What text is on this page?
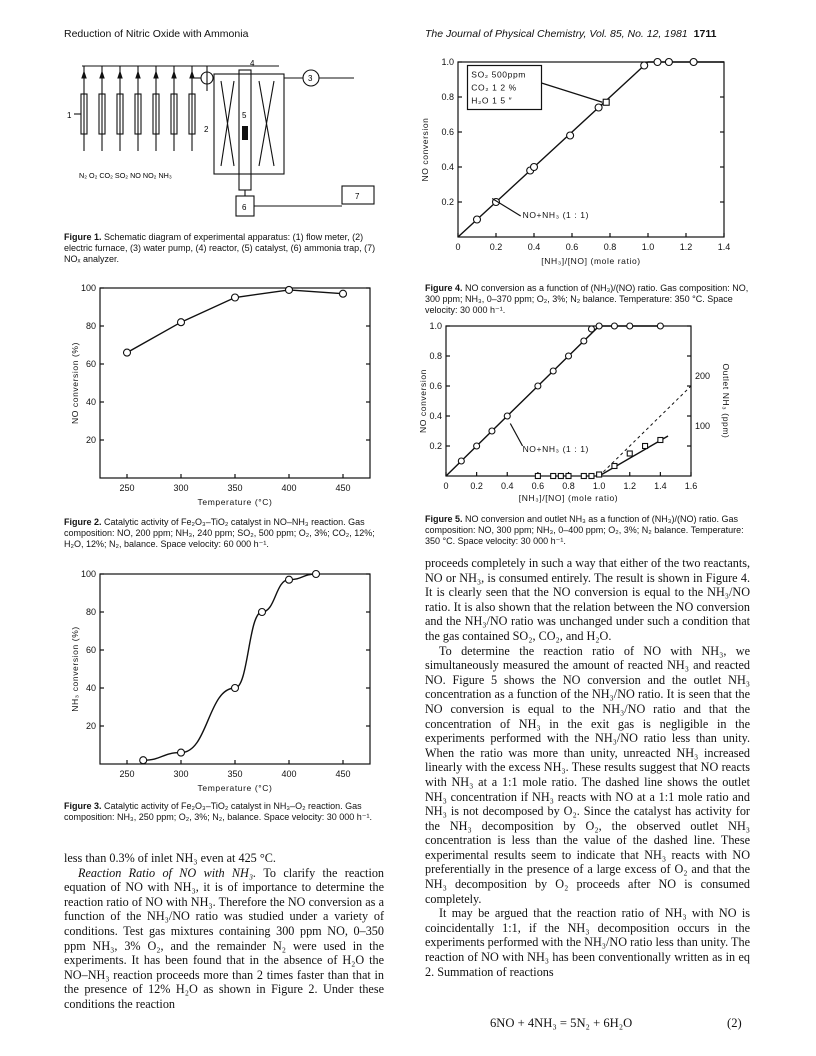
Reduction of Nitric Oxide with Ammonia	The Journal of Physical Chemistry, Vol. 85, No. 12, 1981 1711
1
2
3
4
5
6
7
N₂ O₂ CO₂ SO₂ NO NO₂ NH₃
Figure 1. Schematic diagram of experimental apparatus: (1) flow meter, (2) electric furnace, (3) water pump, (4) reactor, (5) catalyst, (6) ammonia trap, (7) NOₓ analyzer.
250	300	350	400	450
20
40
60
80
100
Temperature (°C)
NO conversion (%)
Figure 2. Catalytic activity of Fe₂O₃–TiO₂ catalyst in NO–NH₃ reaction. Gas composition: NO, 200 ppm; NH₃, 240 ppm; SO₂, 500 ppm; O₂, 3%; CO₂, 12%; H₂O, 12%; N₂, balance. Space velocity: 60 000 h⁻¹.
250	300	350	400	450
20
40
60
80
100
Temperature (°C)
NH₃ conversion (%)
Figure 3. Catalytic activity of Fe₂O₃–TiO₂ catalyst in NH₃–O₂ reaction. Gas composition: NH₃, 250 ppm; O₂, 3%; N₂, balance. Space velocity: 30 000 h⁻¹.
0	0.2	0.4	0.6	0.8	1.0	1.2	1.4
0.2
0.4
0.6
0.8
1.0
[NH₃]/[NO] (mole ratio)
NO conversion
SO₂ 500ppm
CO₂ 1 2 %
H₂O 1 5 ″
NO+NH₃ (1 : 1)
Figure 4. NO conversion as a function of (NH₃)/(NO) ratio. Gas composition: NO, 300 ppm; NH₃, 0–370 ppm; O₂, 3%; N₂ balance. Temperature: 350 °C. Space velocity: 30 000 h⁻¹.
0 0.2 0.4 0.6 0.8 1.0 1.2 1.4 1.6
0.2
0.4
0.6
0.8
1.0
[NH₃]/[NO] (mole ratio)
NO conversion	100
200 Outlet NH₃ (ppm)
NO+NH₃ (1 : 1)
Figure 5. NO conversion and outlet NH₃ as a function of (NH₃)/(NO) ratio. Gas composition: NO, 300 ppm; NH₃, 0–400 ppm; O₂, 3%; N₂ balance. Temperature: 350 °C. Space velocity: 30 000 h⁻¹.

less than 0.3% of inlet NH₃ even at 425 °C.

Reaction Ratio of NO with NH₃. To clarify the reaction equation of NO with NH₃, it is of importance to determine the reaction ratio of NO with NH₃. Therefore the NO conversion as a function of the NH₃/NO ratio was studied under a variety of conditions. Test gas mixtures containing 300 ppm NO, 0–350 ppm NH₃, 3% O₂, and the remainder N₂ were used in the experiments. It has been found that in the absence of H₂O the NO–NH₃ reaction proceeds more than 2 times faster than that in the presence of 12% H₂O as shown in Figure 2. Under these conditions the reaction

proceeds completely in such a way that either of the two reactants, NO or NH₃, is consumed entirely. The result is shown in Figure 4. It is clearly seen that the NO conversion is equal to the NH₃/NO ratio. It is also shown that the relation between the NO conversion and the NH₃/NO ratio was unchanged under such a condition that the gas contained SO₂, CO₂, and H₂O.

To determine the reaction ratio of NO with NH₃, we simultaneously measured the amount of reacted NH₃ and reacted NO. Figure 5 shows the NO conversion and the outlet NH₃ concentration as a function of the NH₃/NO ratio. It is seen that the NO conversion is equal to the NH₃/NO ratio and that the concentration of NH₃ in the exit gas is negligible in the experiments performed with the NH₃/NO ratio less than unity. When the ratio was more than unity, unreacted NH₃ increased linearly with the excess NH₃. These results suggest that NO reacts with NH₃ at a 1:1 mole ratio. The dashed line shows the outlet NH₃ concentration if NH₃ reacts with NO at a 1:1 mole ratio and NH₃ is not decomposed by O₂. Since the catalyst has activity for the NH₃ decomposition by O₂, the observed outlet NH₃ concentration is less than the value of the dashed line. These experimental results seem to indicate that NH₃ reacts with NO preferentially in the presence of a large excess of O₂ and that the NH₃ decomposition by O₂ proceeds after NO is consumed completely.

It may be argued that the reaction ratio of NH₃ with NO is coincidentally 1:1, if the NH₃ decomposition occurs in the experiments performed with the NH₃/NO ratio less than unity. The reaction of NO with NH₃ has been conventionally written as in eq 2. Summation of reactions

6NO + 4NH₃ = 5N₂ + 6H₂O	(2)
